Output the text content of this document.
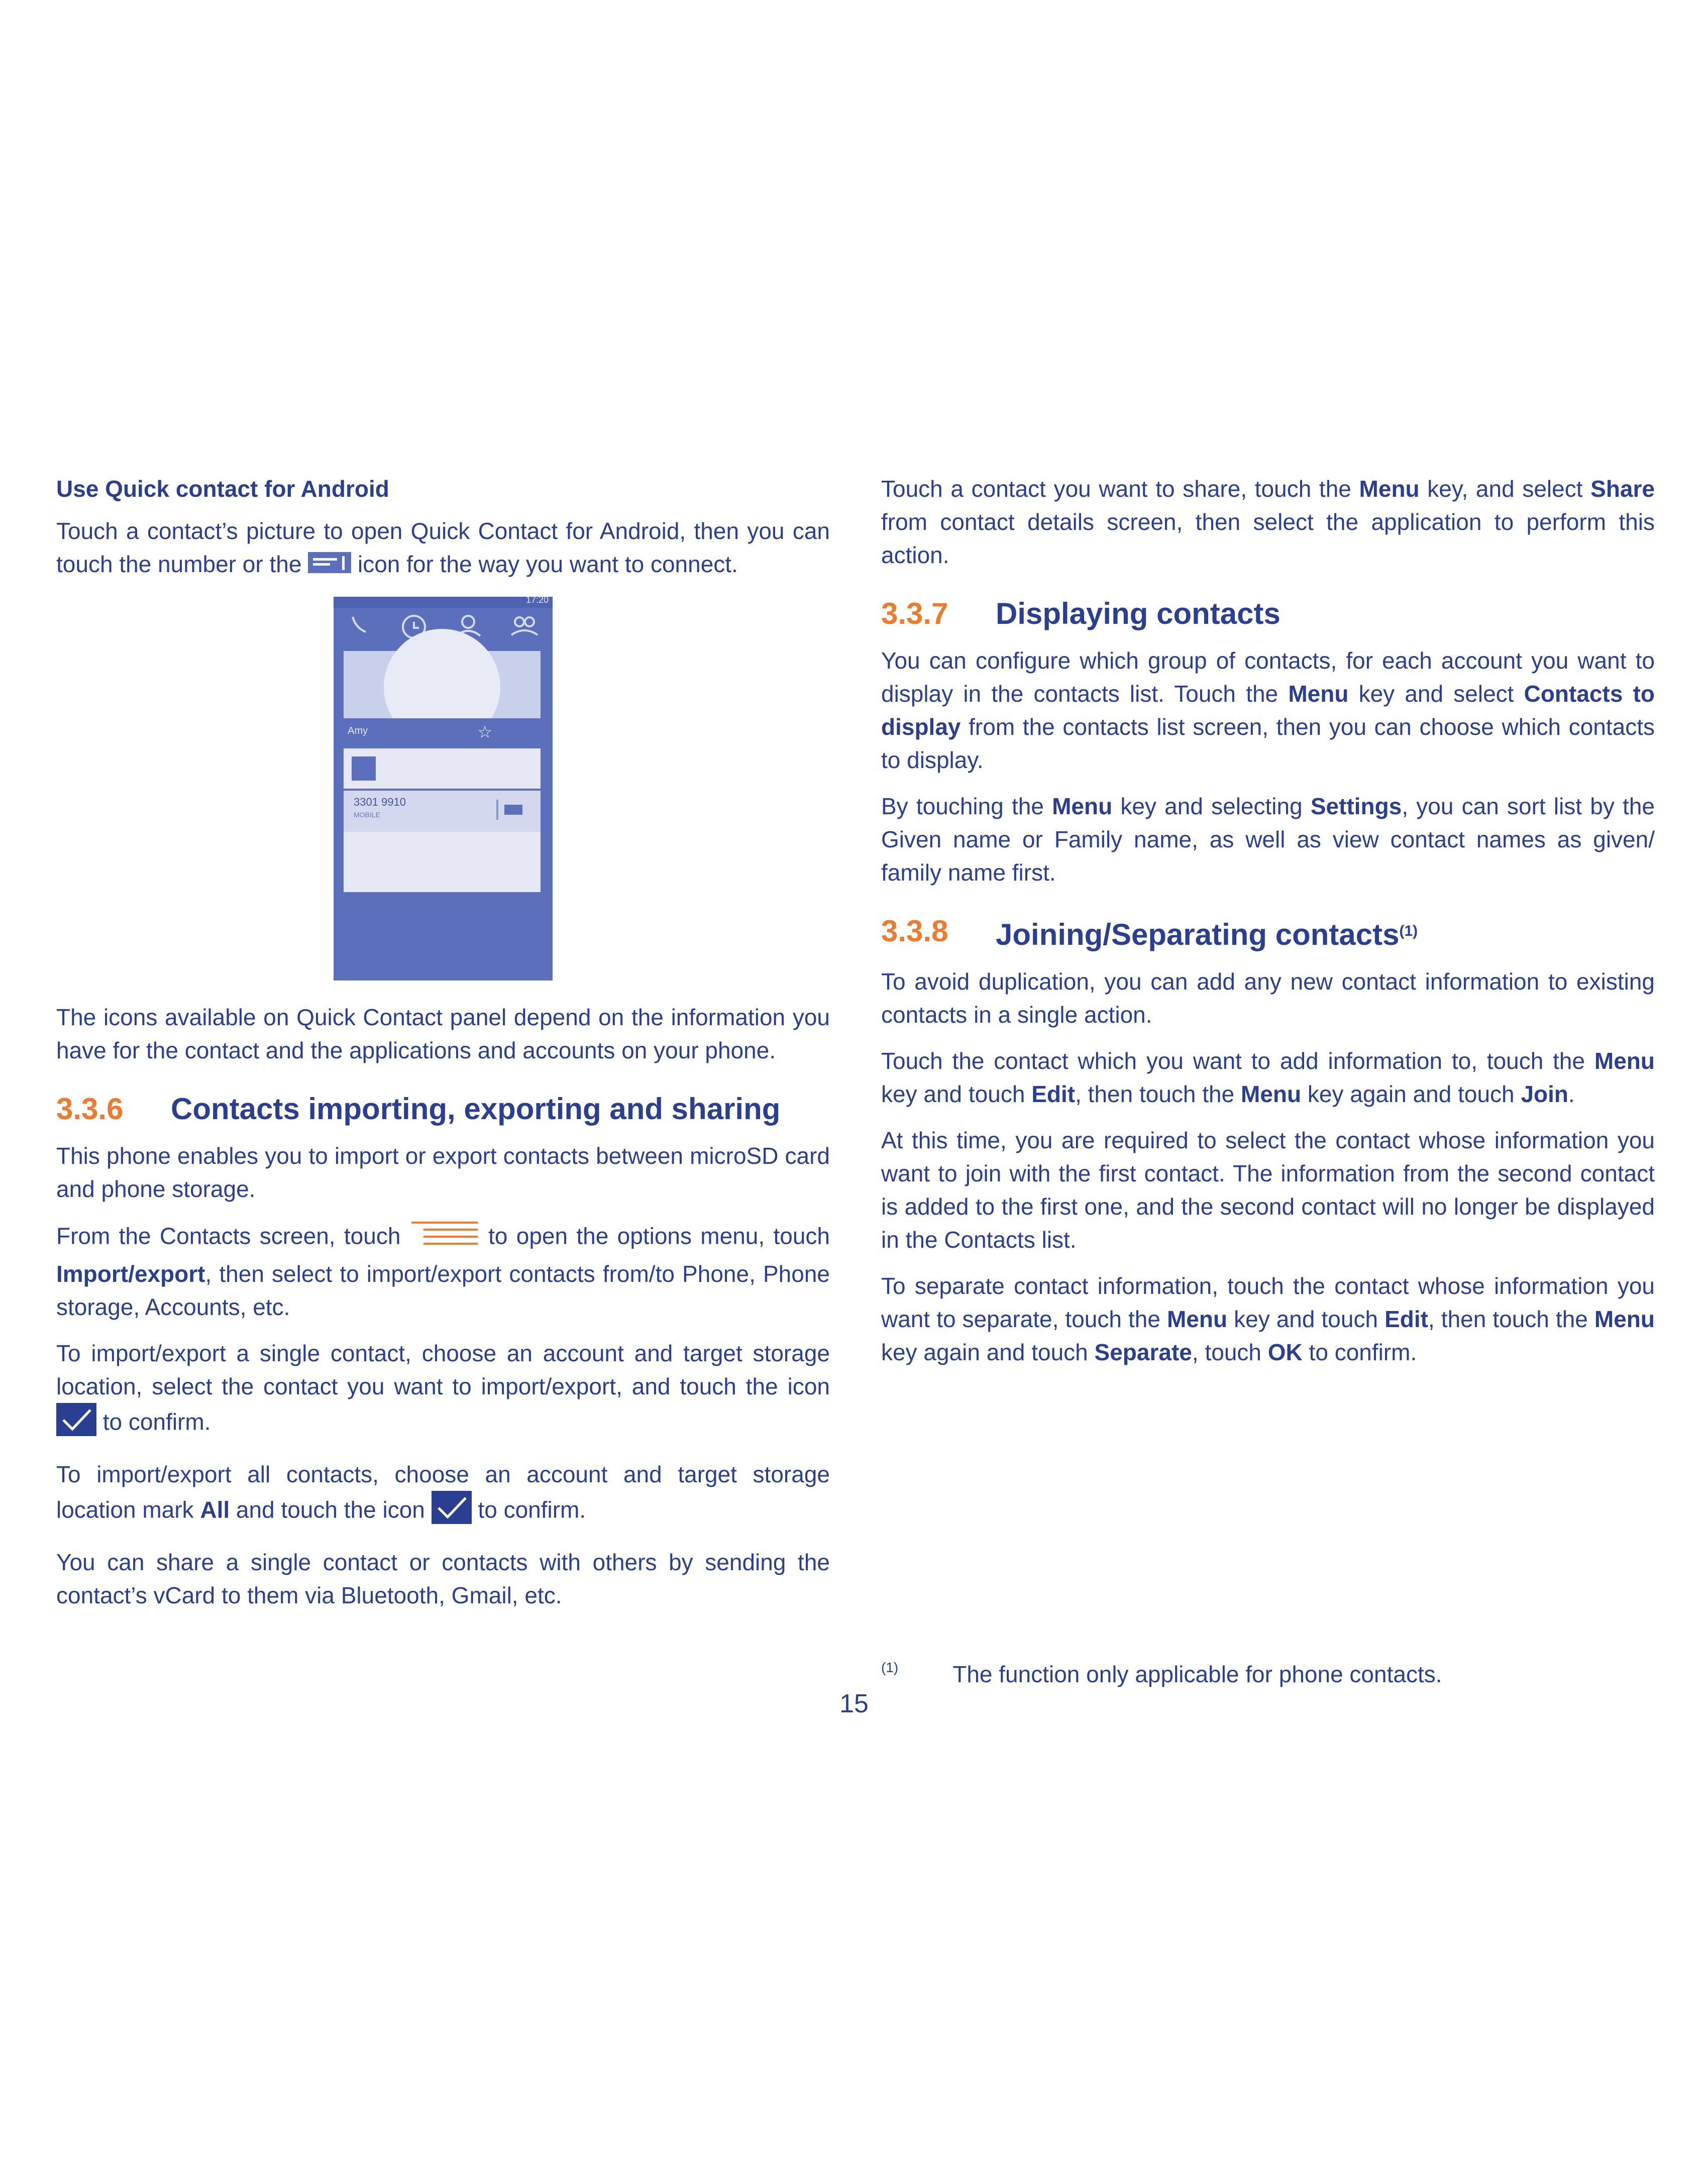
Use Quick contact for Android

Touch a contact’s picture to open Quick Contact for Android, then you can touch the number or the  icon for the way you want to connect.

17:20
Amy	☆
3301 9910
MOBILE

The icons available on Quick Contact panel depend on the information you have for the contact and the applications and accounts on your phone.

3.3.6	Contacts importing, exporting and sharing

This phone enables you to import or export contacts between microSD card and phone storage.

From the Contacts screen, touch	to open the options menu, touch Import/export, then select to import/export contacts from/to Phone, Phone storage, Accounts, etc.

To import/export a single contact, choose an account and target storage location, select the contact you want to import/export, and touch the icon  to confirm.

To import/export all contacts, choose an account and target storage location mark All and touch the icon  to confirm.

You can share a single contact or contacts with others by sending the contact’s vCard to them via Bluetooth, Gmail, etc.

Touch a contact you want to share, touch the Menu key, and select Share from contact details screen, then select the application to perform this action.

3.3.7	Displaying contacts

You can configure which group of contacts, for each account you want to display in the contacts list. Touch the Menu key and select Contacts to display from the contacts list screen, then you can choose which contacts to display.

By touching the Menu key and selecting Settings, you can sort list by the Given name or Family name, as well as view contact names as given/ family name first.

3.3.8	Joining/Separating contacts$^{(1)}$

To avoid duplication, you can add any new contact information to existing contacts in a single action.

Touch the contact which you want to add information to, touch the Menu key and touch Edit, then touch the Menu key again and touch Join.

At this time, you are required to select the contact whose information you want to join with the first contact. The information from the second contact is added to the first one, and the second contact will no longer be displayed in the Contacts list.

To separate contact information, touch the contact whose information you want to separate, touch the Menu key and touch Edit, then touch the Menu key again and touch Separate, touch OK to confirm.

$^{(1)}$ The function only applicable for phone contacts.
15
